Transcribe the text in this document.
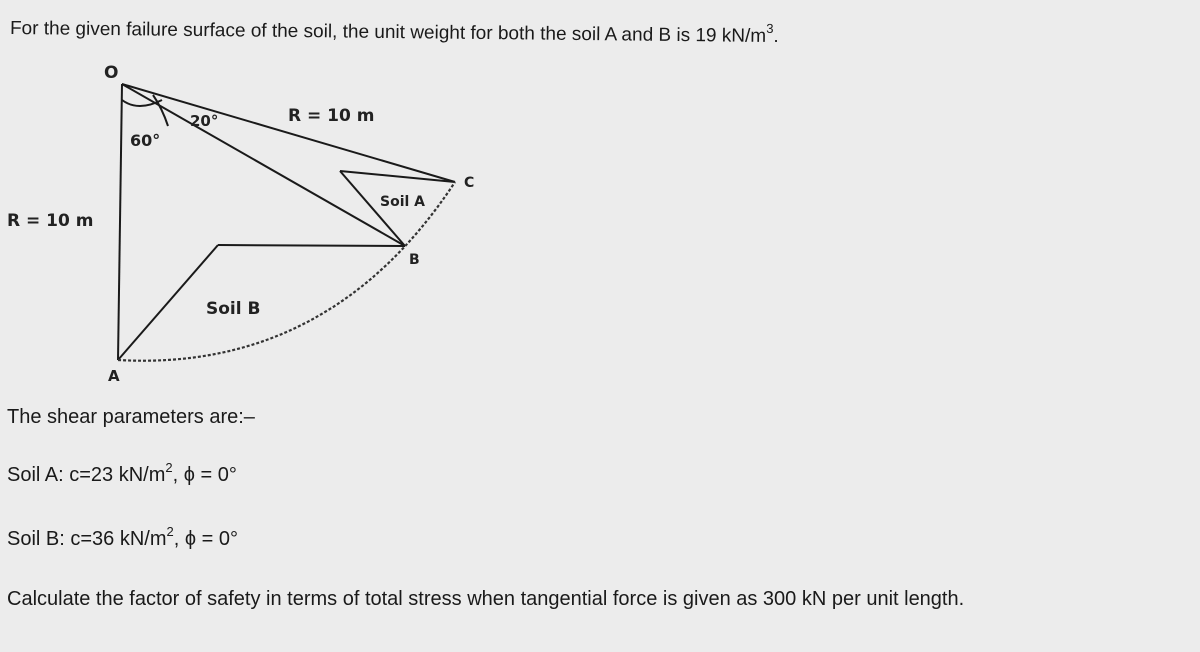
For the given failure surface of the soil, the unit weight for both the soil A and B is 19 $kN/m^3$.
O
R = 10 m
R = 10 m
20°
60°
Soil A
Soil B
A
B
C
The shear parameters are:–
Soil A: c=23 $kN/m^2$, ϕ = 0°
Soil B: c=36 $kN/m^2$, ϕ = 0°
Calculate the factor of safety in terms of total stress when tangential force is given as 300 kN per unit length.
